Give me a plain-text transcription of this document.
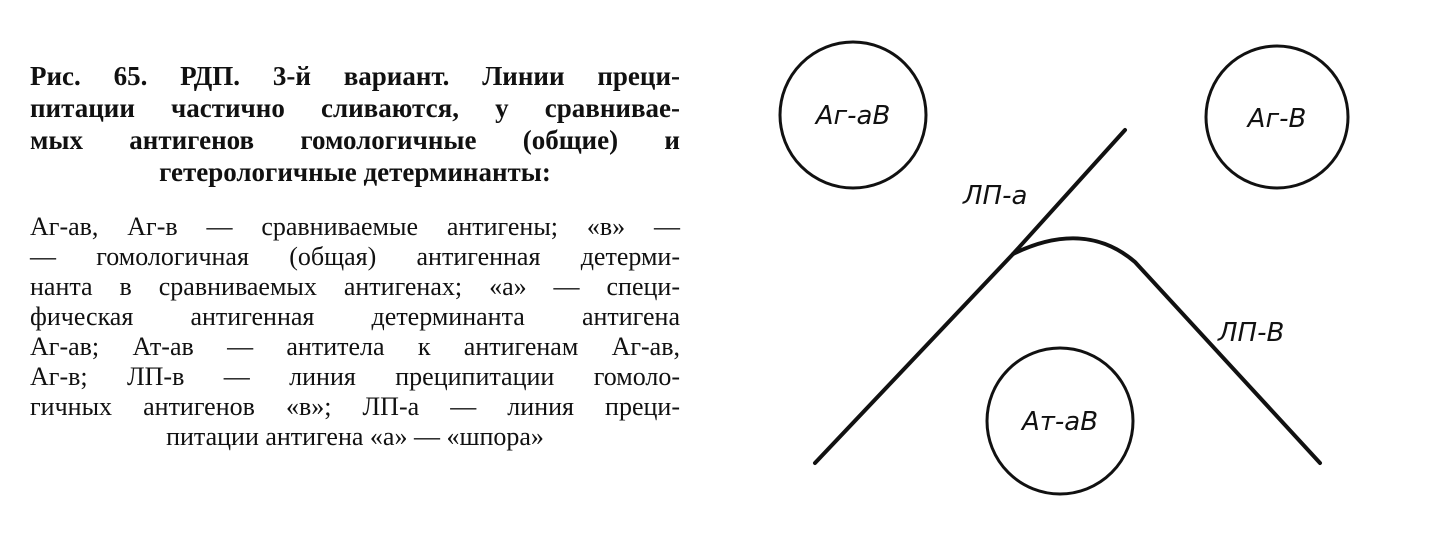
Рис. 65. РДП. 3-й вариант. Линии преци-
питации частично сливаются, у сравнивае-
мых антигенов гомологичные (общие) и
гетерологичные детерминанты:

Аг-ав, Аг-в — сравниваемые антигены; «в» —
— гомологичная (общая) антигенная детерми-
нанта в сравниваемых антигенах; «а» — специ-
фическая антигенная детерминанта антигена
Аг-ав; Ат-ав — антитела к антигенам Аг-ав,
Аг-в; ЛП-в — линия преципитации гомоло-
гичных антигенов «в»; ЛП-а — линия преци-
питации антигена «а» — «шпора»
Аг-аВ	Аг-В
Ат-аВ
ЛП-а
ЛП-В
